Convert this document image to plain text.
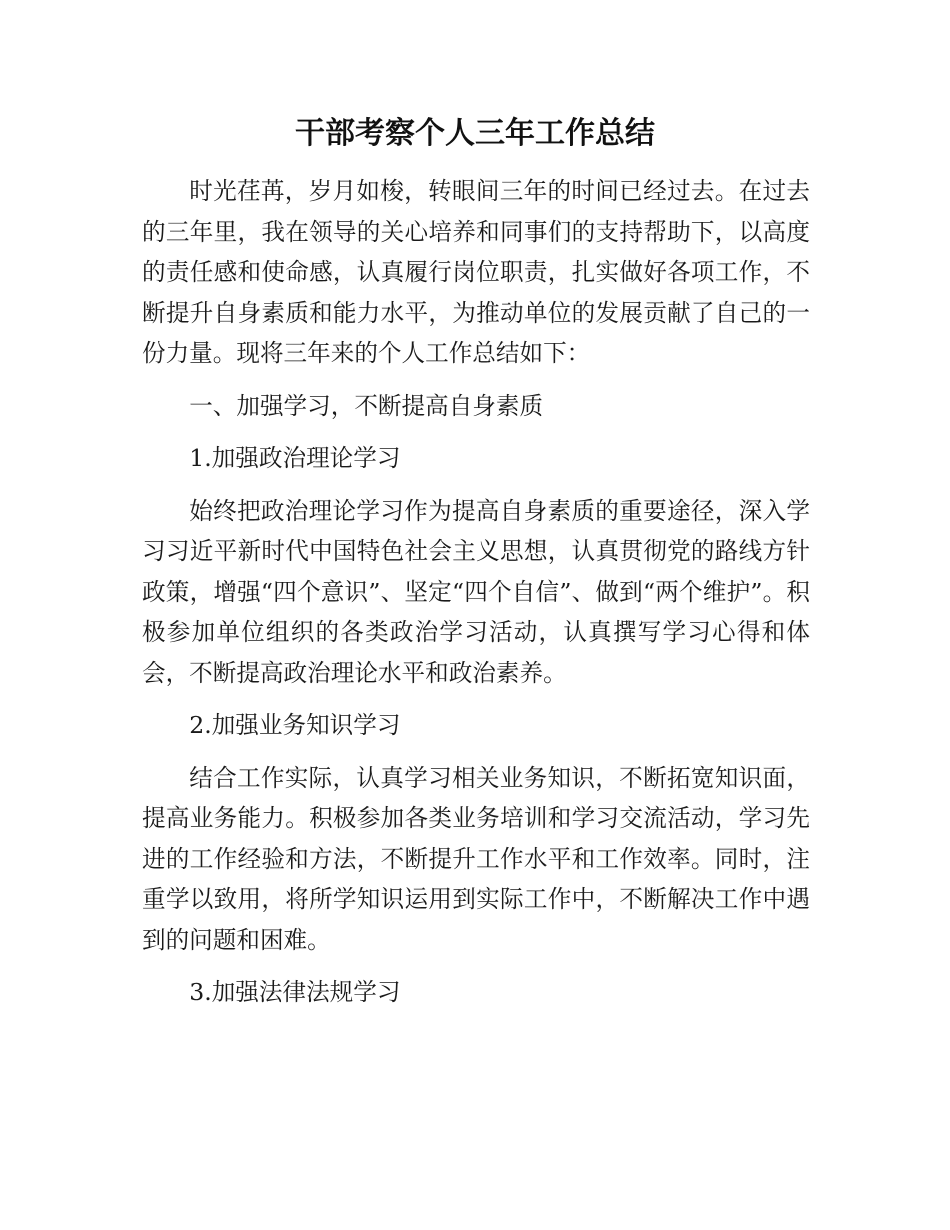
干部考察个人三年工作总结

时光荏苒，岁月如梭，转眼间三年的时间已经过去。在过去的三年里，我在领导的关心培养和同事们的支持帮助下，以高度的责任感和使命感，认真履行岗位职责，扎实做好各项工作，不断提升自身素质和能力水平，为推动单位的发展贡献了自己的一份力量。现将三年来的个人工作总结如下：

一、加强学习，不断提高自身素质

1.加强政治理论学习

始终把政治理论学习作为提高自身素质的重要途径，深入学习习近平新时代中国特色社会主义思想，认真贯彻党的路线方针政策，增强“四个意识”、坚定“四个自信”、做到“两个维护”。积极参加单位组织的各类政治学习活动，认真撰写学习心得和体会，不断提高政治理论水平和政治素养。

2.加强业务知识学习

结合工作实际，认真学习相关业务知识，不断拓宽知识面，提高业务能力。积极参加各类业务培训和学习交流活动，学习先进的工作经验和方法，不断提升工作水平和工作效率。同时，注重学以致用，将所学知识运用到实际工作中，不断解决工作中遇到的问题和困难。

3.加强法律法规学习
